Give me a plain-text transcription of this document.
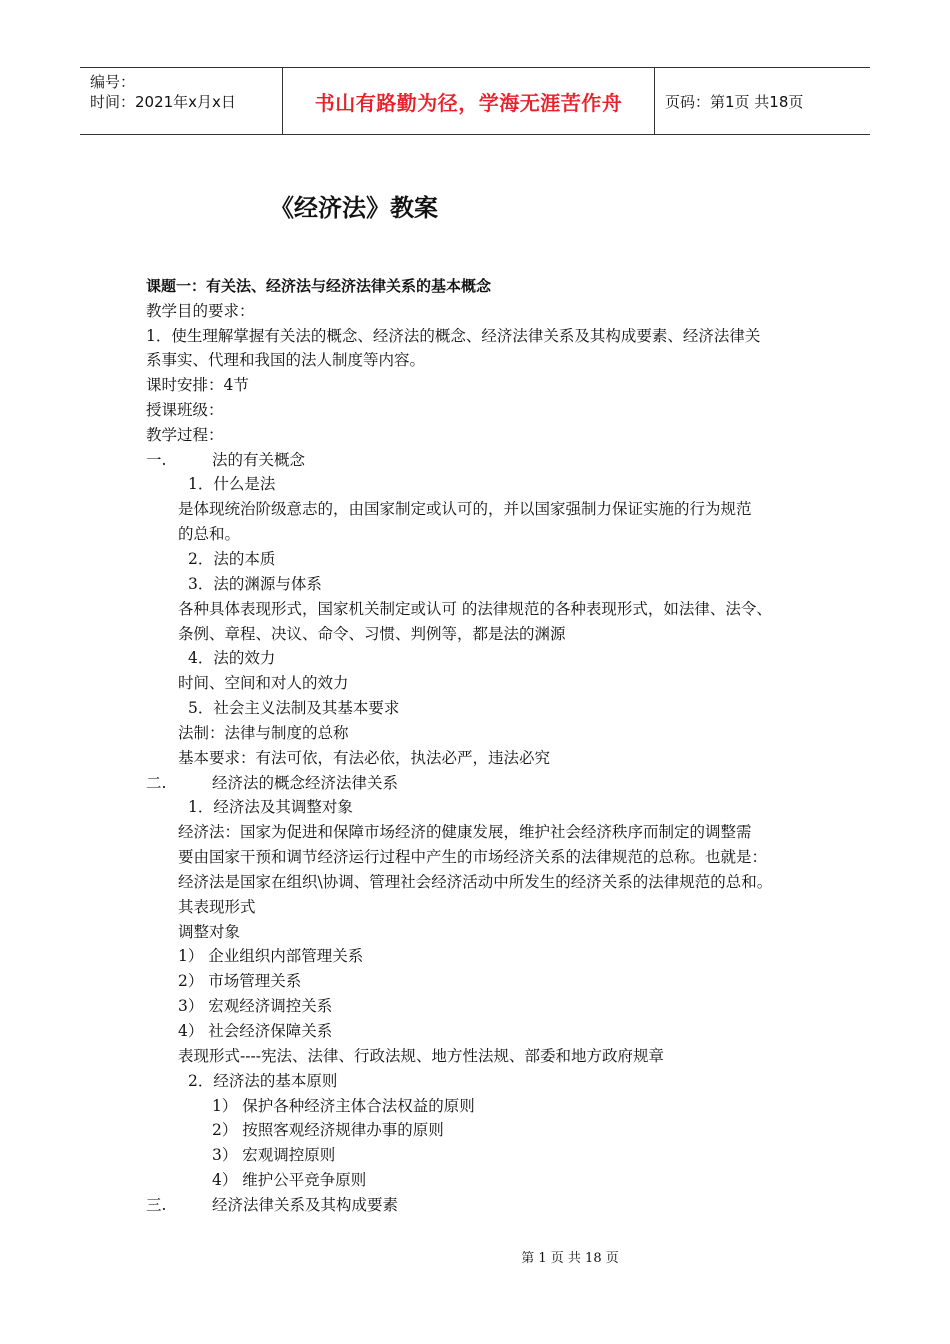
编号：
时间：2021年x月x日	书山有路勤为径，学海无涯苦作舟	页码：第1页 共18页
《经济法》教案
课题一：有关法、经济法与经济法律关系的基本概念
教学目的要求：
1．使生理解掌握有关法的概念、经济法的概念、经济法律关系及其构成要素、经济法律关
系事实、代理和我国的法人制度等内容。
课时安排：4节
授课班级：
教学过程：
一.	法的有关概念
1．什么是法
是体现统治阶级意志的，由国家制定或认可的，并以国家强制力保证实施的行为规范
的总和。
2．法的本质
3．法的渊源与体系
各种具体表现形式，国家机关制定或认可 的法律规范的各种表现形式，如法律、法令、
条例、章程、决议、命令、习惯、判例等，都是法的渊源
4．法的效力
时间、空间和对人的效力
5．社会主义法制及其基本要求
法制：法律与制度的总称
基本要求：有法可依，有法必依，执法必严，违法必究
二.	经济法的概念经济法律关系
1．经济法及其调整对象
经济法：国家为促进和保障市场经济的健康发展，维护社会经济秩序而制定的调整需
要由国家干预和调节经济运行过程中产生的市场经济关系的法律规范的总称。也就是：
经济法是国家在组织\协调、管理社会经济活动中所发生的经济关系的法律规范的总和。
其表现形式
调整对象
1） 企业组织内部管理关系
2） 市场管理关系
3） 宏观经济调控关系
4） 社会经济保障关系
表现形式----宪法、法律、行政法规、地方性法规、部委和地方政府规章
2．经济法的基本原则
1） 保护各种经济主体合法权益的原则
2） 按照客观经济规律办事的原则
3） 宏观调控原则
4） 维护公平竞争原则
三.	经济法律关系及其构成要素
第 1 页 共 18 页
